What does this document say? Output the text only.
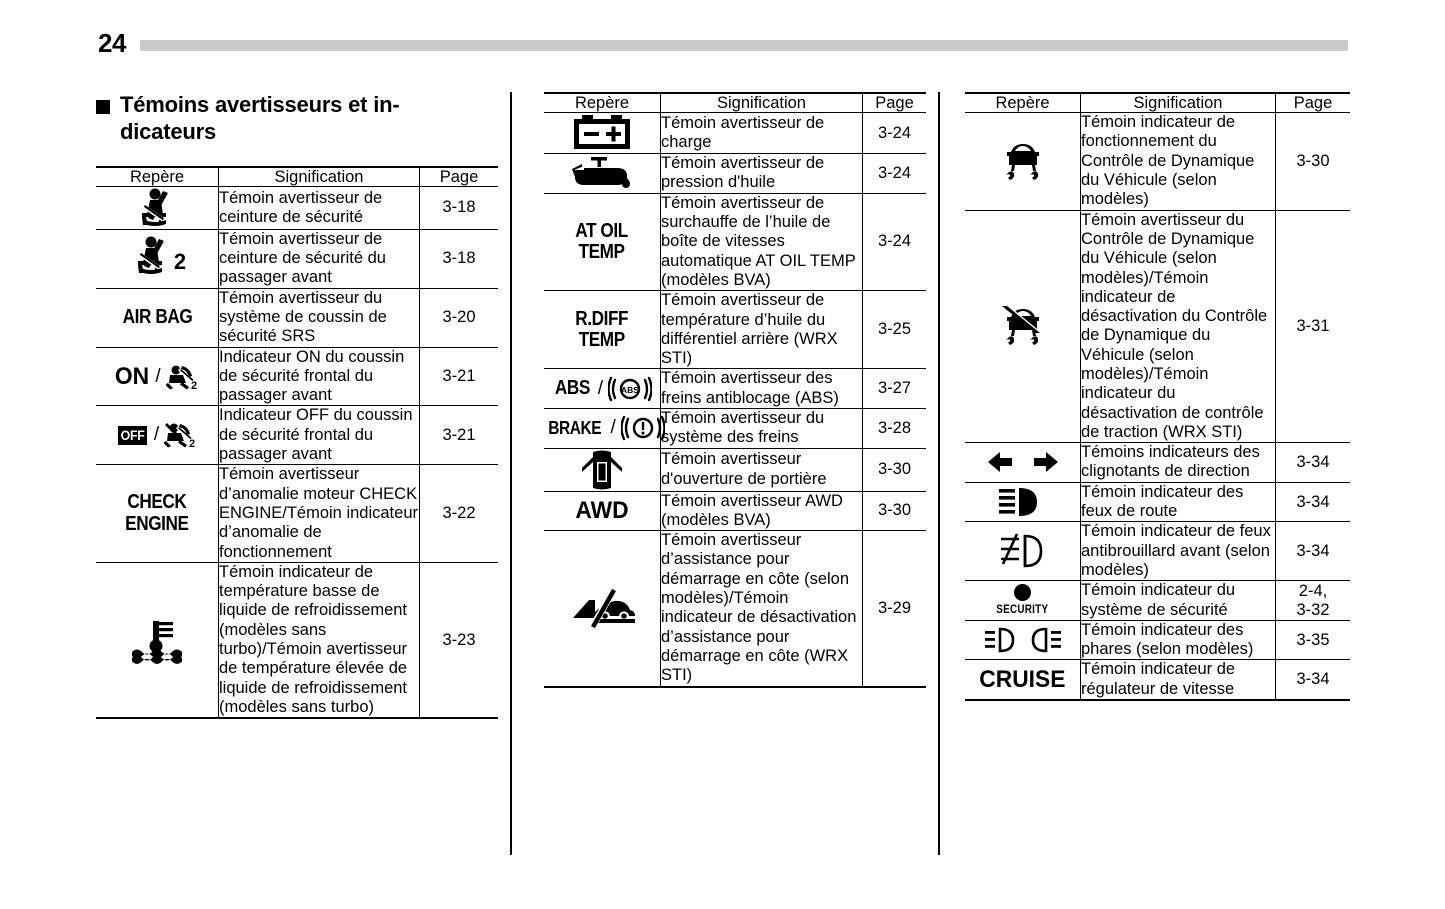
24
Témoins avertisseurs et in-
dicateurs
Repère	Signification	Page

	Témoin avertisseur de ceinture de sécurité	3-18

2	Témoin avertisseur de ceinture de sécurité du passager avant	3-18
AIR BAG	Témoin avertisseur du système de coussin de sécurité SRS	3-20

ON / 2	Indicateur ON du coussin de sécurité frontal du passager avant	3-21

OFF / 2	Indicateur OFF du coussin de sécurité frontal du passager avant	3-21
CHECK
ENGINE	Témoin avertisseur d’anomalie moteur CHECK ENGINE/Témoin indicateur d’anomalie de fonctionnement	3-22

	Témoin indicateur de température basse de liquide de refroidissement (modèles sans turbo)/Témoin avertisseur de température élevée de liquide de refroidissement (modèles sans turbo)	3-23
Repère	Signification	Page

	Témoin avertisseur de charge	3-24

	Témoin avertisseur de pression d'huile	3-24
AT OIL
TEMP	Témoin avertisseur de surchauffe de l’huile de boîte de vitesses automatique AT OIL TEMP (modèles BVA)	3-24
R.DIFF
TEMP	Témoin avertisseur de température d’huile du différentiel arrière (WRX STI)	3-25

ABS / ABS	Témoin avertisseur des freins antiblocage (ABS)	3-27

BRAKE /	Témoin avertisseur du système des freins	3-28

	Témoin avertisseur d'ouverture de portière	3-30
AWD	Témoin avertisseur AWD (modèles BVA)	3-30

	Témoin avertisseur d’assistance pour démarrage en côte (selon modèles)/Témoin indicateur de désactivation d’assistance pour démarrage en côte (WRX STI)	3-29
Repère	Signification	Page

	Témoin indicateur de fonctionnement du Contrôle de Dynamique du Véhicule (selon modèles)	3-30

	Témoin avertisseur du Contrôle de Dynamique du Véhicule (selon modèles)/Témoin indicateur de désactivation du Contrôle de Dynamique du Véhicule (selon modèles)/Témoin indicateur du désactivation de contrôle de traction (WRX STI)	3-31

	Témoins indicateurs des clignotants de direction	3-34

	Témoin indicateur des feux de route	3-34

	Témoin indicateur de feux antibrouillard avant (selon modèles)	3-34

SECURITY	Témoin indicateur du système de sécurité	2-4,
3-32

	Témoin indicateur des phares (selon modèles)	3-35
CRUISE	Témoin indicateur de régulateur de vitesse	3-34
